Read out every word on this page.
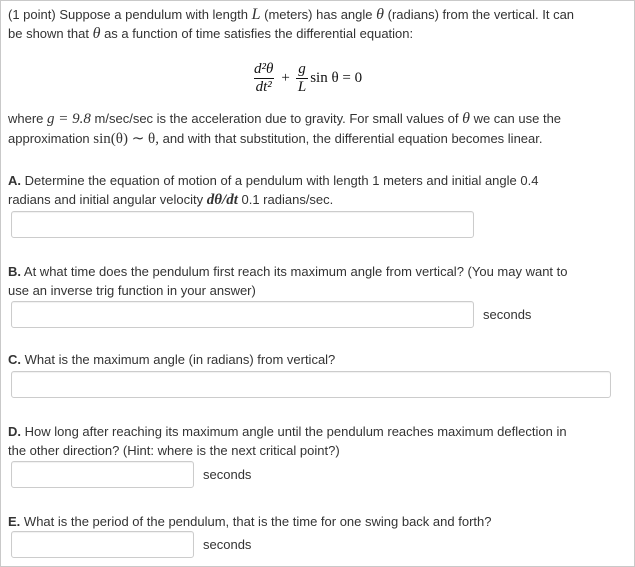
(1 point) Suppose a pendulum with length L (meters) has angle θ (radians) from the vertical. It can
be shown that θ as a function of time satisfies the differential equation:

$\frac{\text{d²θ}}{\text{dt²}} + \frac{g}{L}$ sin θ = 0

where g = 9.8 m/sec/sec is the acceleration due to gravity. For small values of θ we can use the
approximation sin(θ) ∼ θ, and with that substitution, the differential equation becomes linear.

A. Determine the equation of motion of a pendulum with length 1 meters and initial angle 0.4
radians and initial angular velocity dθ/dt 0.1 radians/sec.

B. At what time does the pendulum first reach its maximum angle from vertical? (You may want to
use an inverse trig function in your answer)

seconds

C. What is the maximum angle (in radians) from vertical?

D. How long after reaching its maximum angle until the pendulum reaches maximum deflection in
the other direction? (Hint: where is the next critical point?)

seconds

E. What is the period of the pendulum, that is the time for one swing back and forth?

seconds
